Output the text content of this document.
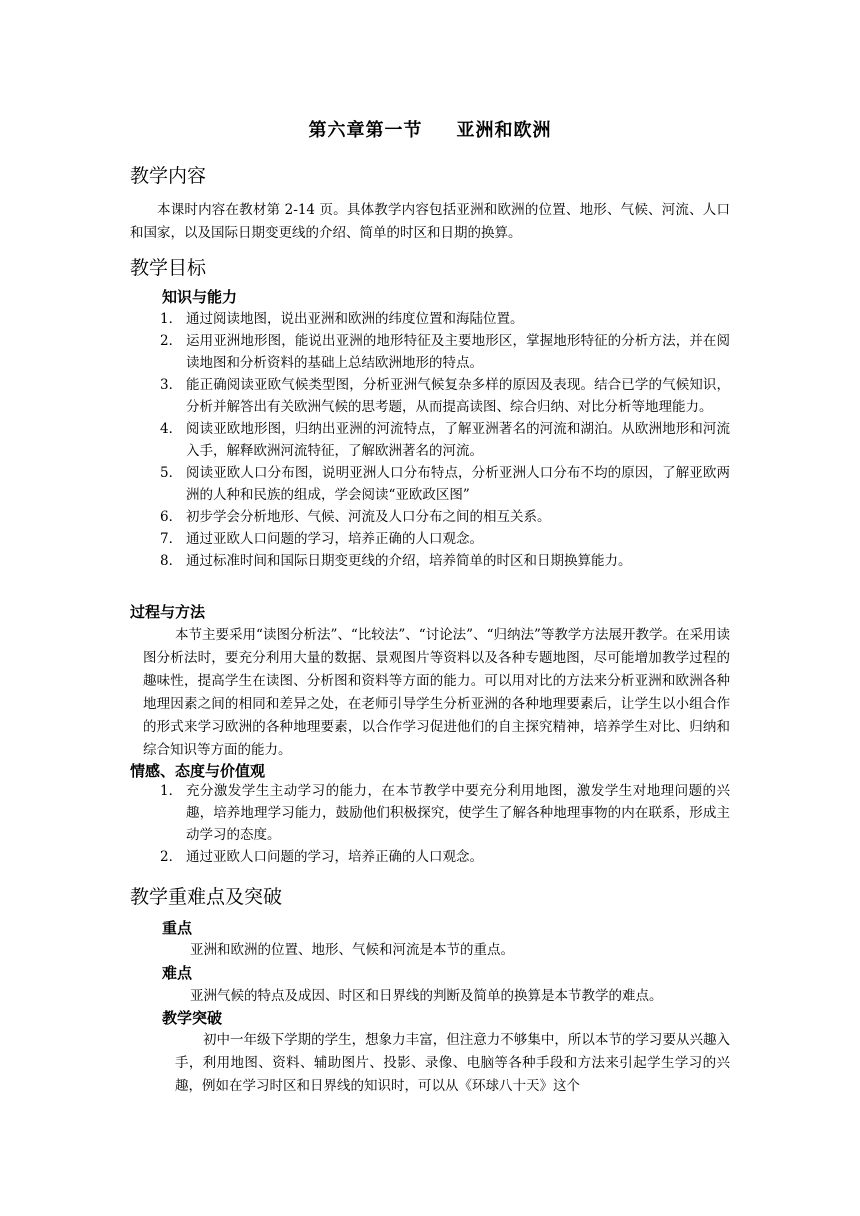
第六章第一节 亚洲和欧洲
教学内容

本课时内容在教材第 2-14 页。具体教学内容包括亚洲和欧洲的位置、地形、气候、河流、人口和国家，以及国际日期变更线的介绍、简单的时区和日期的换算。

教学目标
知识与能力
1． 通过阅读地图，说出亚洲和欧洲的纬度位置和海陆位置。
2． 运用亚洲地形图，能说出亚洲的地形特征及主要地形区，掌握地形特征的分析方法，并在阅读地图和分析资料的基础上总结欧洲地形的特点。
3． 能正确阅读亚欧气候类型图，分析亚洲气候复杂多样的原因及表现。结合已学的气候知识，分析并解答出有关欧洲气候的思考题，从而提高读图、综合归纳、对比分析等地理能力。
4． 阅读亚欧地形图，归纳出亚洲的河流特点，了解亚洲著名的河流和湖泊。从欧洲地形和河流入手，解释欧洲河流特征，了解欧洲著名的河流。
5． 阅读亚欧人口分布图，说明亚洲人口分布特点，分析亚洲人口分布不均的原因，了解亚欧两洲的人种和民族的组成，学会阅读“亚欧政区图”
6． 初步学会分析地形、气候、河流及人口分布之间的相互关系。
7． 通过亚欧人口问题的学习，培养正确的人口观念。
8． 通过标准时间和国际日期变更线的介绍，培养简单的时区和日期换算能力。
过程与方法

本节主要采用“读图分析法”、“比较法”、“讨论法”、“归纳法”等教学方法展开教学。在采用读图分析法时，要充分利用大量的数据、景观图片等资料以及各种专题地图，尽可能增加教学过程的趣味性，提高学生在读图、分析图和资料等方面的能力。可以用对比的方法来分析亚洲和欧洲各种地理因素之间的相同和差异之处，在老师引导学生分析亚洲的各种地理要素后，让学生以小组合作的形式来学习欧洲的各种地理要素，以合作学习促进他们的自主探究精神，培养学生对比、归纳和综合知识等方面的能力。

情感、态度与价值观
1． 充分激发学生主动学习的能力，在本节教学中要充分利用地图，激发学生对地理问题的兴趣，培养地理学习能力，鼓励他们积极探究，使学生了解各种地理事物的内在联系，形成主动学习的态度。
2． 通过亚欧人口问题的学习，培养正确的人口观念。
教学重难点及突破
重点

亚洲和欧洲的位置、地形、气候和河流是本节的重点。

难点

亚洲气候的特点及成因、时区和日界线的判断及简单的换算是本节教学的难点。

教学突破

初中一年级下学期的学生，想象力丰富，但注意力不够集中，所以本节的学习要从兴趣入手，利用地图、资料、辅助图片、投影、录像、电脑等各种手段和方法来引起学生学习的兴趣，例如在学习时区和日界线的知识时，可以从《环球八十天》这个
